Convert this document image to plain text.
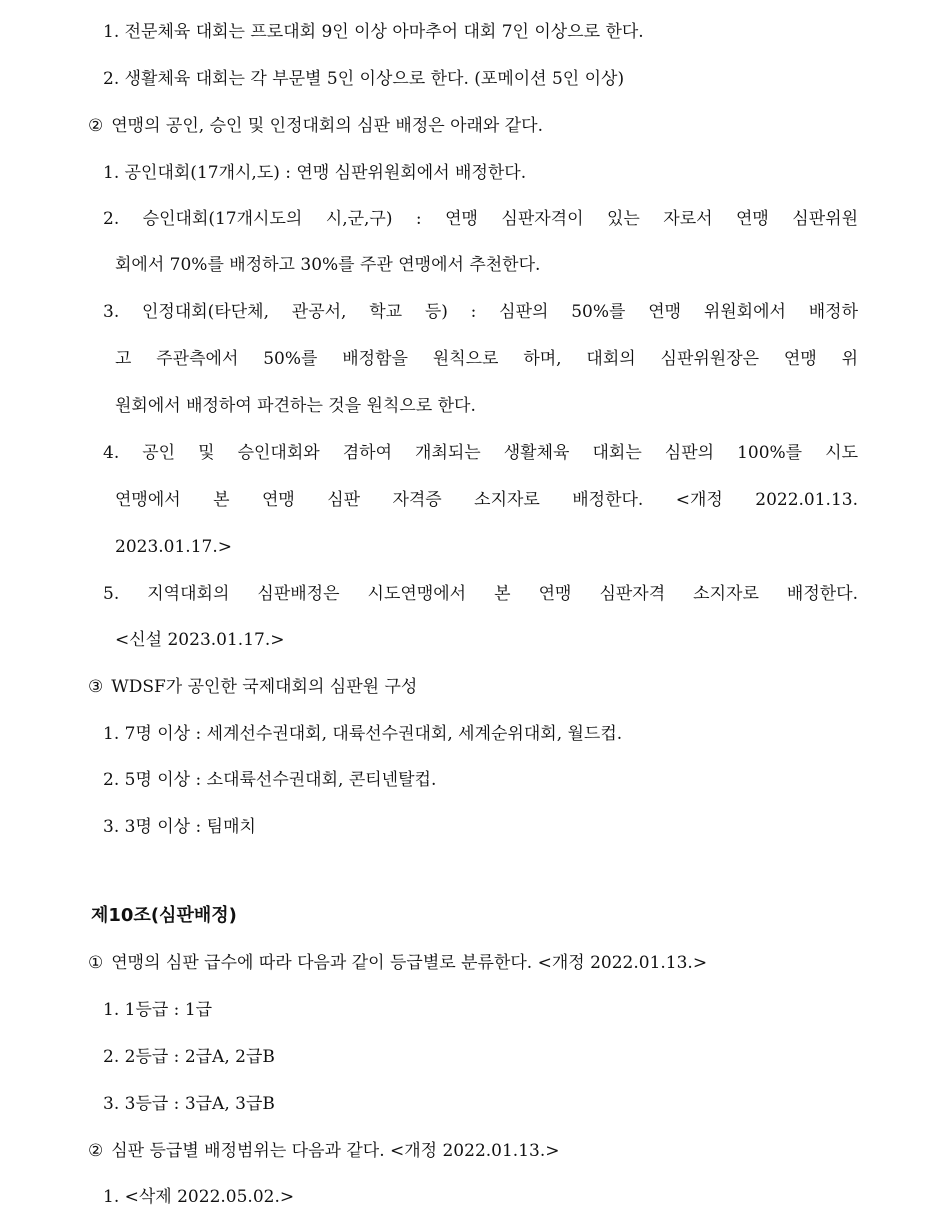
1. 전문체육 대회는 프로대회 9인 이상 아마추어 대회 7인 이상으로 한다.
2. 생활체육 대회는 각 부문별 5인 이상으로 한다. (포메이션 5인 이상)
② 연맹의 공인, 승인 및 인정대회의 심판 배정은 아래와 같다.
1. 공인대회(17개시,도) : 연맹 심판위원회에서 배정한다.
2. 승인대회(17개시도의 시,군,구) : 연맹 심판자격이 있는 자로서 연맹 심판위원
회에서 70%를 배정하고 30%를 주관 연맹에서 추천한다.
3. 인정대회(타단체, 관공서, 학교 등) : 심판의 50%를 연맹 위원회에서 배정하
고 주관측에서 50%를 배정함을 원칙으로 하며, 대회의 심판위원장은 연맹 위
원회에서 배정하여 파견하는 것을 원칙으로 한다.
4. 공인 및 승인대회와 겸하여 개최되는 생활체육 대회는 심판의 100%를 시도
연맹에서 본 연맹 심판 자격증 소지자로 배정한다. <개정 2022.01.13.
2023.01.17.>
5. 지역대회의 심판배정은 시도연맹에서 본 연맹 심판자격 소지자로 배정한다.
<신설 2023.01.17.>
③ WDSF가 공인한 국제대회의 심판원 구성
1. 7명 이상 : 세계선수권대회, 대륙선수권대회, 세계순위대회, 월드컵.
2. 5명 이상 : 소대륙선수권대회, 콘티넨탈컵.
3. 3명 이상 : 팀매치
제10조(심판배정)
① 연맹의 심판 급수에 따라 다음과 같이 등급별로 분류한다. <개정 2022.01.13.>
1. 1등급 : 1급
2. 2등급 : 2급A, 2급B
3. 3등급 : 3급A, 3급B
② 심판 등급별 배정범위는 다음과 같다. <개정 2022.01.13.>
1. <삭제 2022.05.02.>
